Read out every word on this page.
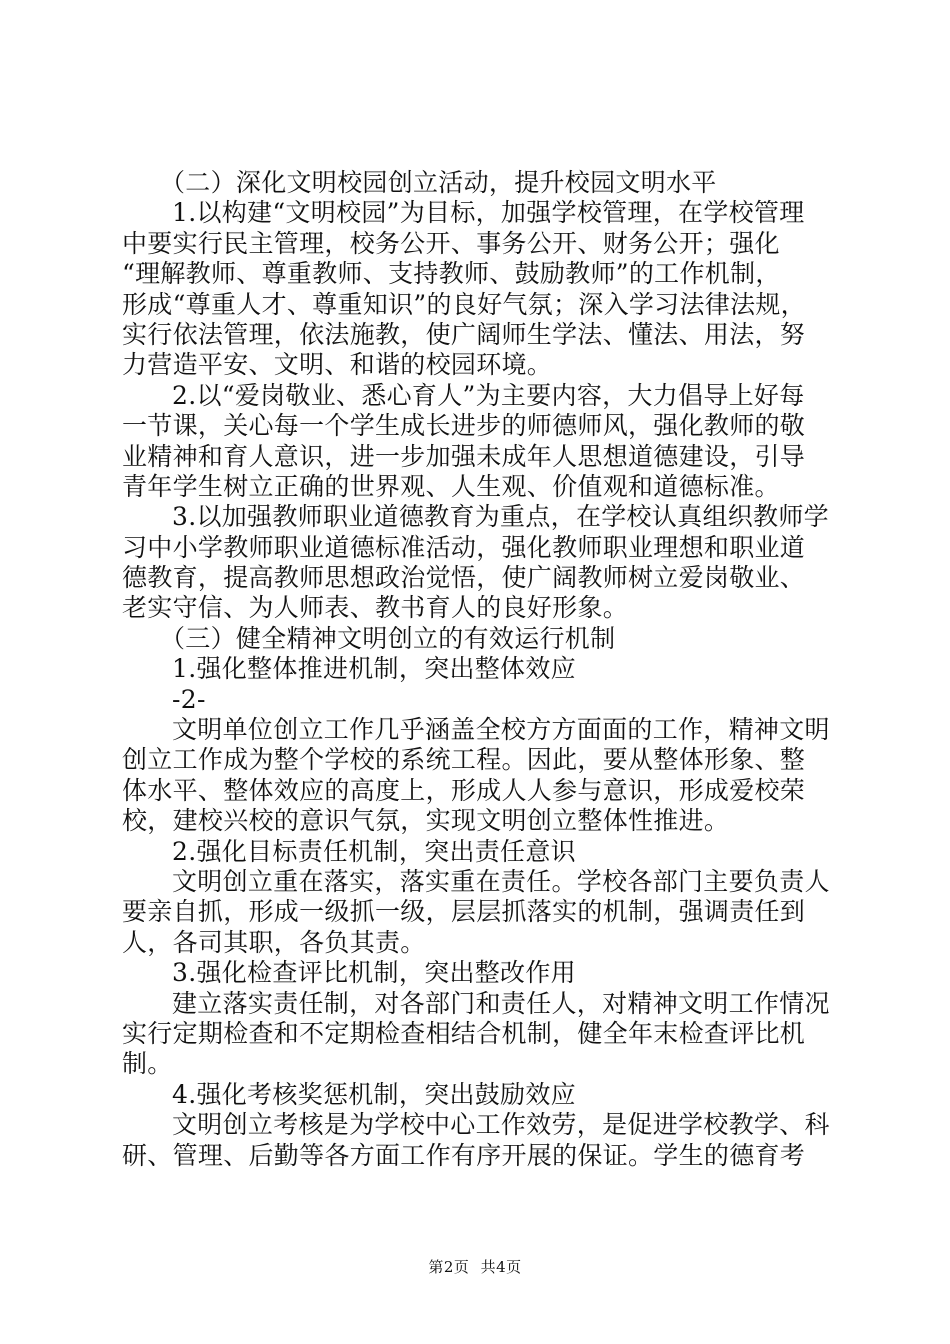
（二）深化文明校园创立活动，提升校园文明水平
1.以构建“文明校园”为目标，加强学校管理，在学校管理
中要实行民主管理，校务公开、事务公开、财务公开；强化
“理解教师、尊重教师、支持教师、鼓励教师”的工作机制，
形成“尊重人才、尊重知识”的良好气氛；深入学习法律法规，
实行依法管理，依法施教，使广阔师生学法、懂法、用法，努
力营造平安、文明、和谐的校园环境。
2.以“爱岗敬业、悉心育人”为主要内容，大力倡导上好每
一节课，关心每一个学生成长进步的师德师风，强化教师的敬
业精神和育人意识，进一步加强未成年人思想道德建设，引导
青年学生树立正确的世界观、人生观、价值观和道德标准。
3.以加强教师职业道德教育为重点，在学校认真组织教师学
习中小学教师职业道德标准活动，强化教师职业理想和职业道
德教育，提高教师思想政治觉悟，使广阔教师树立爱岗敬业、
老实守信、为人师表、教书育人的良好形象。
（三）健全精神文明创立的有效运行机制
1.强化整体推进机制，突出整体效应
-2-
文明单位创立工作几乎涵盖全校方方面面的工作，精神文明
创立工作成为整个学校的系统工程。因此，要从整体形象、整
体水平、整体效应的高度上，形成人人参与意识，形成爱校荣
校，建校兴校的意识气氛，实现文明创立整体性推进。
2.强化目标责任机制，突出责任意识
文明创立重在落实，落实重在责任。学校各部门主要负责人
要亲自抓，形成一级抓一级，层层抓落实的机制，强调责任到
人，各司其职，各负其责。
3.强化检查评比机制，突出整改作用
建立落实责任制，对各部门和责任人，对精神文明工作情况
实行定期检查和不定期检查相结合机制，健全年末检查评比机
制。
4.强化考核奖惩机制，突出鼓励效应
文明创立考核是为学校中心工作效劳，是促进学校教学、科
研、管理、后勤等各方面工作有序开展的保证。学生的德育考
第2页 共4页
